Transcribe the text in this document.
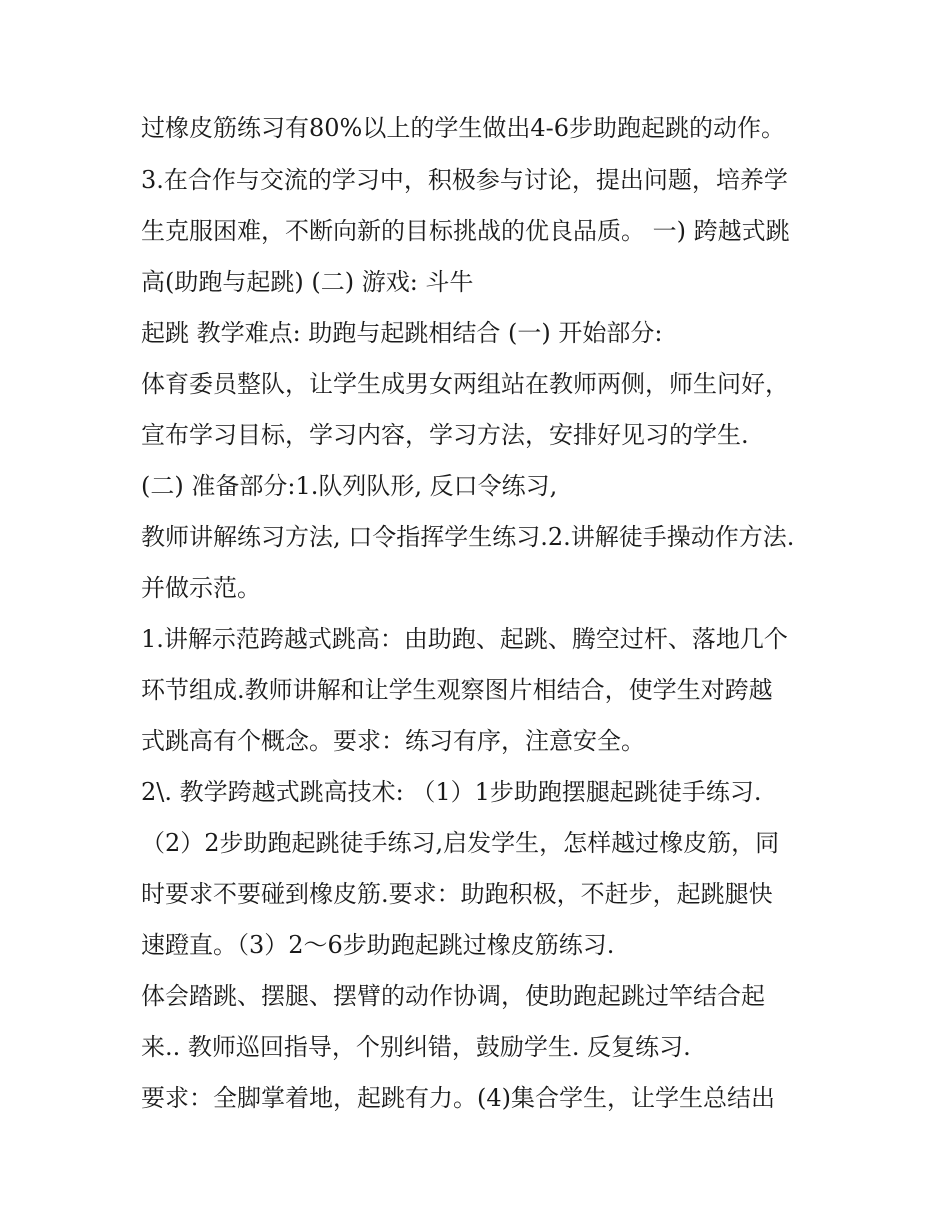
过橡皮筋练习有80%以上的学生做出4-6步助跑起跳的动作。

3.在合作与交流的学习中，积极参与讨论，提出问题，培养学

生克服困难，不断向新的目标挑战的优良品质。 一) 跨越式跳

高(助跑与起跳) (二) 游戏: 斗牛

起跳 教学难点: 助跑与起跳相结合 (一) 开始部分:

体育委员整队，让学生成男女两组站在教师两侧，师生问好，

宣布学习目标，学习内容，学习方法，安排好见习的学生.

(二) 准备部分:1.队列队形, 反口令练习,

教师讲解练习方法, 口令指挥学生练习.2.讲解徒手操动作方法.

并做示范。

1.讲解示范跨越式跳高：由助跑、起跳、腾空过杆、落地几个

环节组成.教师讲解和让学生观察图片相结合，使学生对跨越

式跳高有个概念。要求：练习有序，注意安全。

2\. 教学跨越式跳高技术: （1）1步助跑摆腿起跳徒手练习.

（2）2步助跑起跳徒手练习,启发学生，怎样越过橡皮筋，同

时要求不要碰到橡皮筋.要求：助跑积极，不赶步，起跳腿快

速蹬直。（3）2～6步助跑起跳过橡皮筋练习.

体会踏跳、摆腿、摆臂的动作协调，使助跑起跳过竿结合起

来.. 教师巡回指导，个别纠错，鼓励学生. 反复练习.

要求：全脚掌着地，起跳有力。(4)集合学生，让学生总结出
